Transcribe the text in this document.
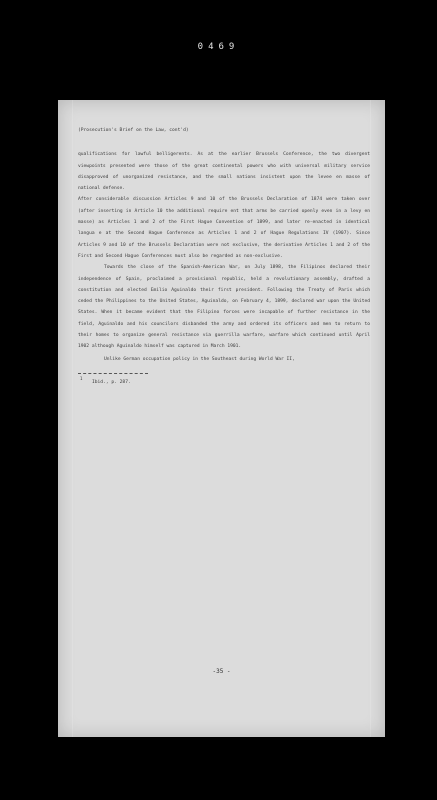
0469

(Prosecution's Brief on the Law, cont'd)

qualifications for lawful belligerents. As at the earlier Brussels Conference, the two divergent viewpoints presented were those of the great continental powers who with universal military service disapproved of unorganized resistance, and the small nations insistent upon the levee en masse of national defense.

After considerable discussion Articles 9 and 10 of the Brussels Declaration of 1874 were taken over (after inserting in Article 10 the additional require ent that arms be carried openly even in a levy en masse) as Articles 1 and 2 of the First Hague Convention of 1899, and later re-enacted in identical langua e at the Second Hague Conference as Articles 1 and 2 of Hague Regulations IV (1907). Since Articles 9 and 10 of the Brussels Declaration were not exclusive, the derivative Articles 1 and 2 of the First and Second Hague Conferences must also be regarded as non-exclusive.

Towards the close of the Spanish-American War, on July 1898, the Filipinos declared their independence of Spain, proclaimed a provisional republic, held a revolutionary assembly, drafted a constitution and elected Emilio Aguinaldo their first president. Following the Treaty of Paris which ceded the Philippines to the United States, Aguinaldo, on February 4, 1899, declared war upon the United States. When it became evident that the Filipino forces were incapable of further resistance in the field, Aguinaldo and his councilors disbanded the army and ordered its officers and men to return to their homes to organize general resistance via guerrilla warfare, warfare which continued until April 1902 although Aguinaldo himself was captured in March 1901.

Unlike German occupation policy in the Southeast during World War II,

1
Ibid., p. 287.
-35 -
